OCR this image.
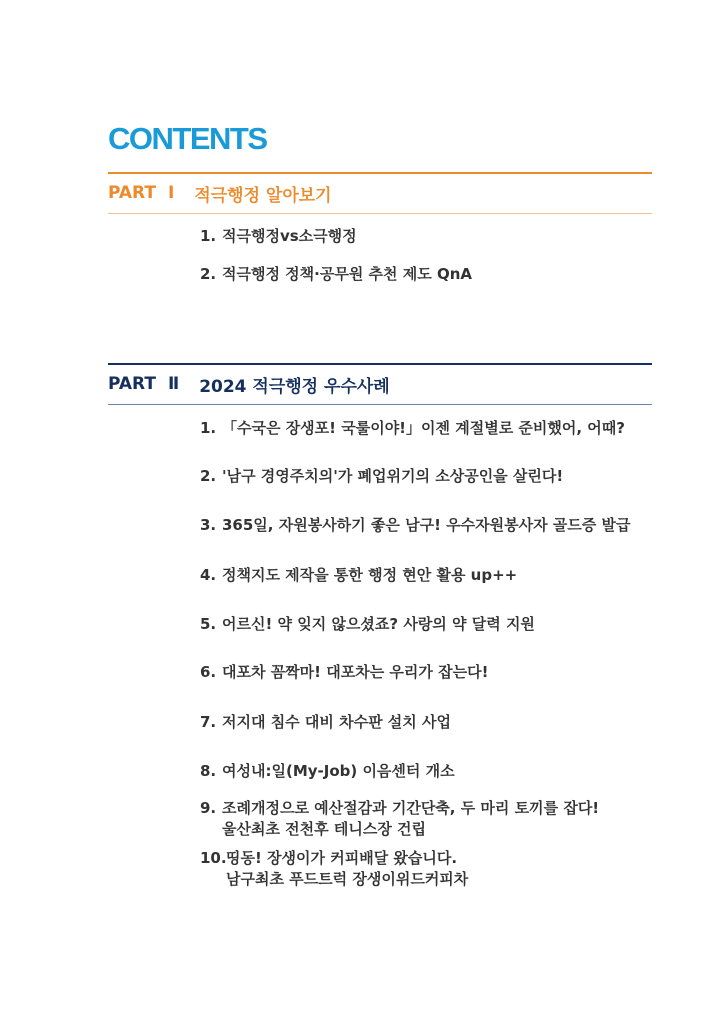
CONTENTS
PART Ⅰ 적극행정 알아보기
1. 적극행정vs소극행정
2. 적극행정 정책·공무원 추천 제도 QnA
PART Ⅱ 2024 적극행정 우수사례
1. 「수국은 장생포! 국룰이야!」이젠 계절별로 준비했어, 어때?
2. '남구 경영주치의'가 폐업위기의 소상공인을 살린다!
3. 365일, 자원봉사하기 좋은 남구! 우수자원봉사자 골드증 발급
4. 정책지도 제작을 통한 행정 현안 활용 up++
5. 어르신! 약 잊지 않으셨죠? 사랑의 약 달력 지원
6. 대포차 꼼짝마! 대포차는 우리가 잡는다!
7. 저지대 침수 대비 차수판 설치 사업
8. 여성내:일(My-Job) 이음센터 개소
9. 조례개정으로 예산절감과 기간단축, 두 마리 토끼를 잡다!
울산최초 전천후 테니스장 건립
10. 띵동! 장생이가 커피배달 왔습니다.
남구최초 푸드트럭 장생이위드커피차
